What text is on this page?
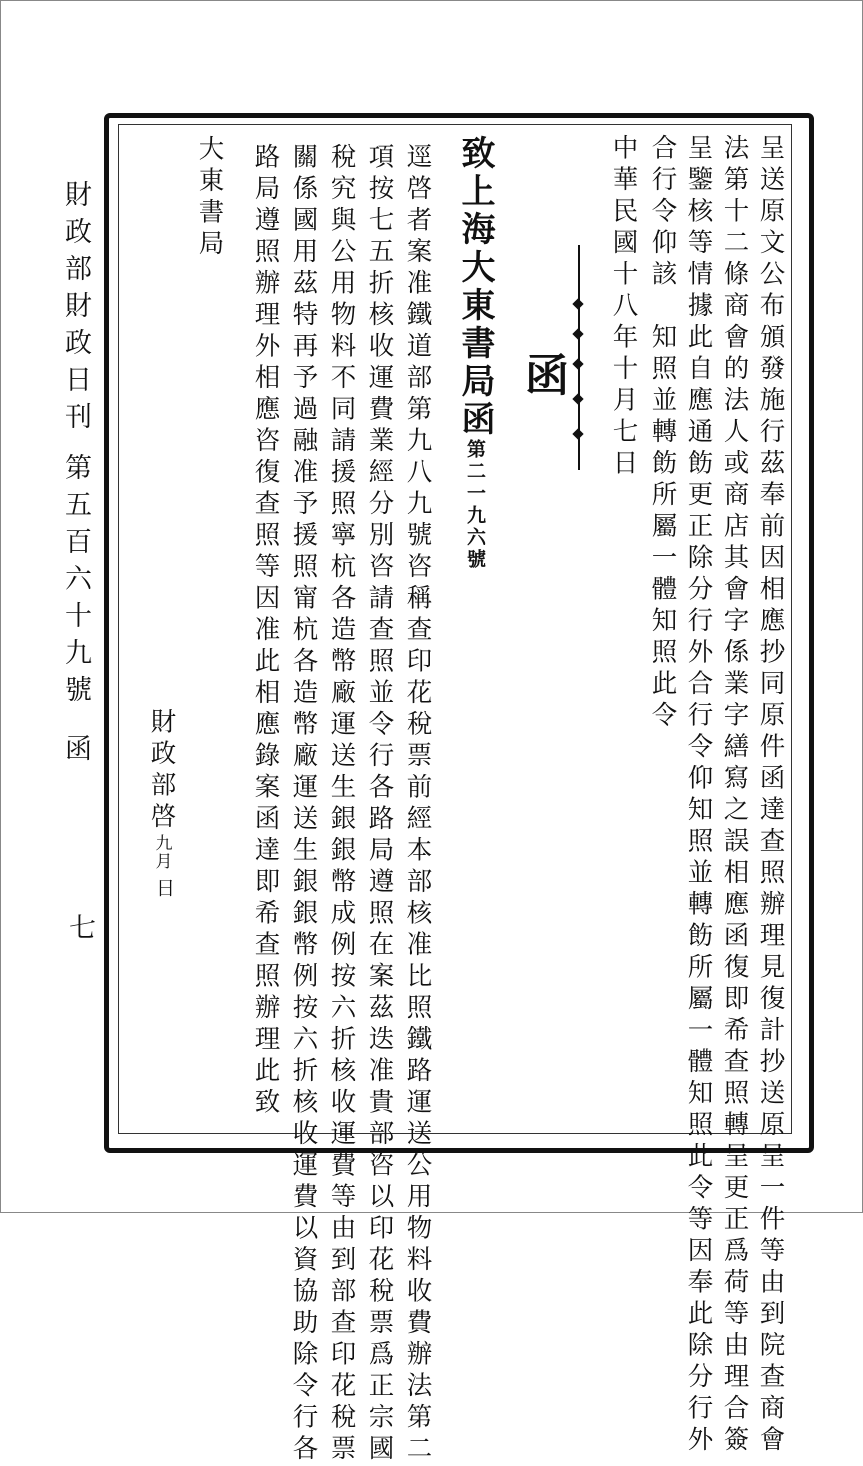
呈送原文公布頒發施行茲奉前因相應抄同原件函達查照辦理見復計抄送原呈一件等由到院查商會
法第十二條商會的法人或商店其會字係業字繕寫之誤相應函復即希查照轉呈更正爲荷等由理合簽
呈鑒核等情據此自應通飭更正除分行外合行令仰知照並轉飭所屬一體知照此令等因奉此除分行外
合行令仰該　知照並轉飭所屬一體知照此令
中華民國十八年十月七日
函
致上海大東書局函第二一九六號
逕啓者案准鐵道部第九八九號咨稱查印花稅票前經本部核准比照鐵路運送公用物料收費辦法第二
項按七五折核收運費業經分別咨請查照並令行各路局遵照在案茲迭准貴部咨以印花稅票爲正宗國
稅究與公用物料不同請援照寧杭各造幣廠運送生銀銀幣成例按六折核收運費等由到部查印花稅票
關係國用茲特再予過融准予援照甯杭各造幣廠運送生銀銀幣例按六折核收運費以資協助除令行各
路局遵照辦理外相應咨復查照等因准此相應錄案函達即希查照辦理此致
大東書局
財政部啓九月
日
財政部財政日刊第五百六十九號函
七
